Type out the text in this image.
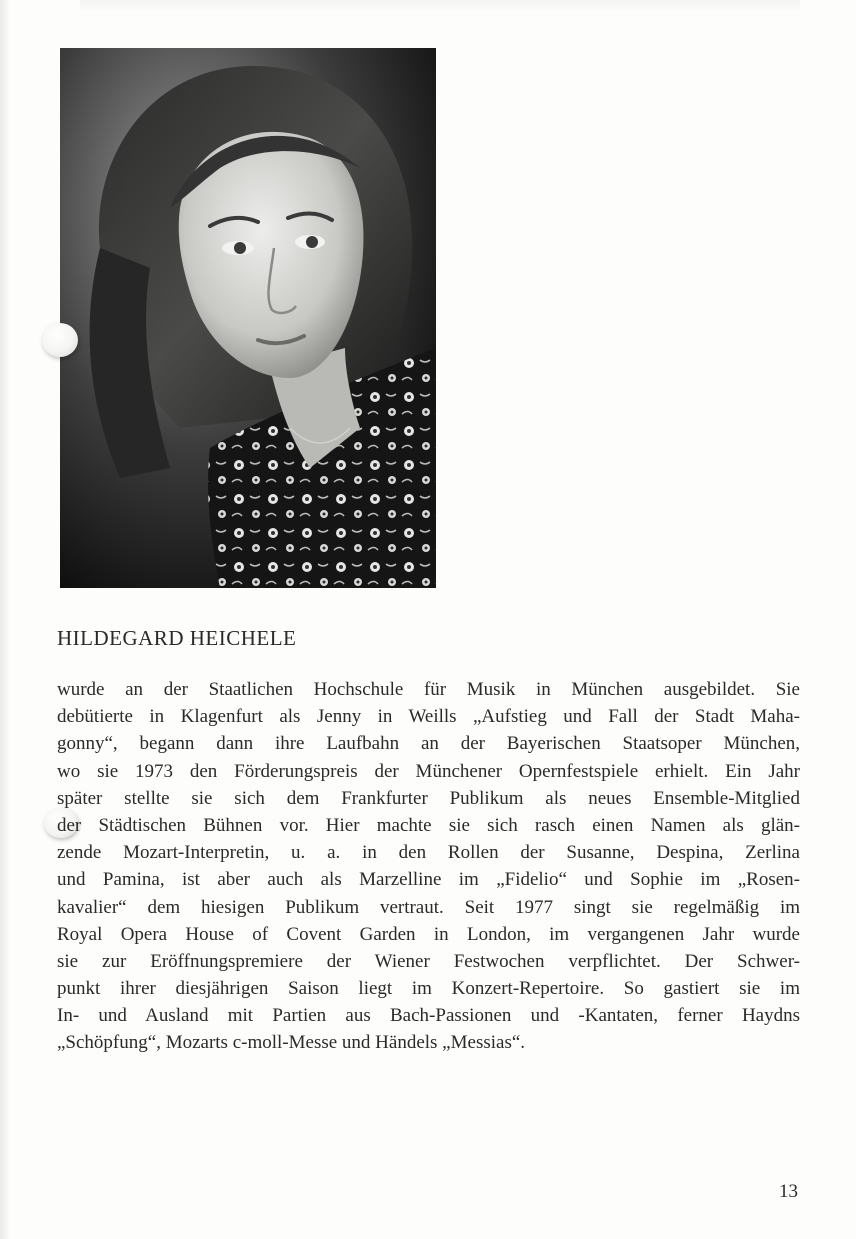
HILDEGARD HEICHELE

wurde an der Staatlichen Hochschule für Musik in München ausgebildet. Sie
debütierte in Klagenfurt als Jenny in Weills „Aufstieg und Fall der Stadt Maha-
gonny“, begann dann ihre Laufbahn an der Bayerischen Staatsoper München,
wo sie 1973 den Förderungspreis der Münchener Opernfestspiele erhielt. Ein Jahr
später stellte sie sich dem Frankfurter Publikum als neues Ensemble-Mitglied
der Städtischen Bühnen vor. Hier machte sie sich rasch einen Namen als glän-
zende Mozart-Interpretin, u. a. in den Rollen der Susanne, Despina, Zerlina
und Pamina, ist aber auch als Marzelline im „Fidelio“ und Sophie im „Rosen-
kavalier“ dem hiesigen Publikum vertraut. Seit 1977 singt sie regelmäßig im
Royal Opera House of Covent Garden in London, im vergangenen Jahr wurde
sie zur Eröffnungspremiere der Wiener Festwochen verpflichtet. Der Schwer-
punkt ihrer diesjährigen Saison liegt im Konzert-Repertoire. So gastiert sie im
In- und Ausland mit Partien aus Bach-Passionen und -Kantaten, ferner Haydns
„Schöpfung“, Mozarts c-moll-Messe und Händels „Messias“.

13
